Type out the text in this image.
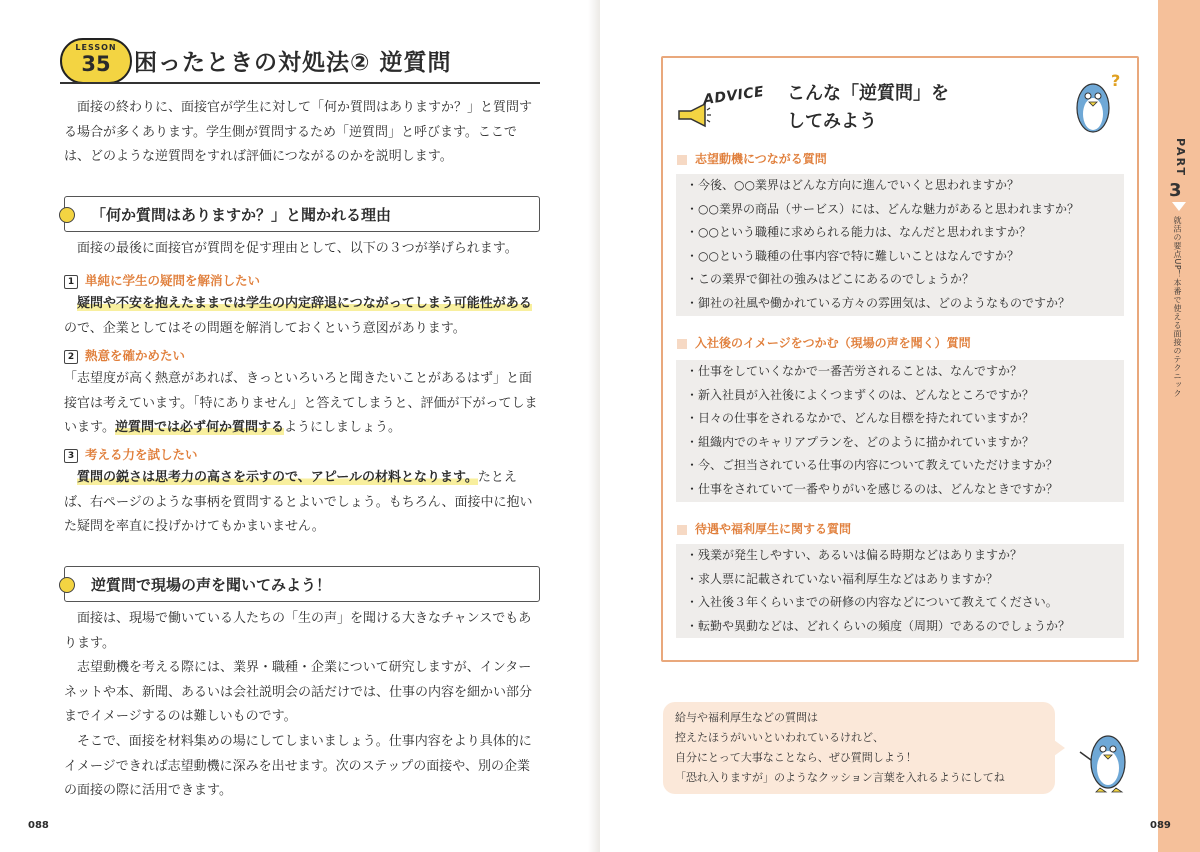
LESSON
35	困ったときの対処法② 逆質問

面接の終わりに、面接官が学生に対して「何か質問はありますか？」と質問する場合が多くあります。学生側が質問するため「逆質問」と呼びます。ここでは、どのような逆質問をすれば評価につながるのかを説明します。

「何か質問はありますか？」と聞かれる理由

面接の最後に面接官が質問を促す理由として、以下の３つが挙げられます。

1 単純に学生の疑問を解消したい
疑問や不安を抱えたままでは学生の内定辞退につながってしまう可能性があるので、企業としてはその問題を解消しておくという意図があります。
2 熱意を確かめたい
「志望度が高く熱意があれば、きっといろいろと聞きたいことがあるはず」と面接官は考えています。「特にありません」と答えてしまうと、評価が下がってしまいます。逆質問では必ず何か質問するようにしましょう。
3 考える力を試したい
質問の鋭さは思考力の高さを示すので、アピールの材料となります。たとえば、右ページのような事柄を質問するとよいでしょう。もちろん、面接中に抱いた疑問を率直に投げかけてもかまいません。
逆質問で現場の声を聞いてみよう！

面接は、現場で働いている人たちの「生の声」を聞ける大きなチャンスでもあります。

志望動機を考える際には、業界・職種・企業について研究しますが、インターネットや本、新聞、あるいは会社説明会の話だけでは、仕事の内容を細かい部分までイメージするのは難しいものです。

そこで、面接を材料集めの場にしてしまいましょう。仕事内容をより具体的にイメージできれば志望動機に深みを出せます。次のステップの面接や、別の企業の面接の際に活用できます。

088
ADVICE こんな「逆質問」を
してみよう
?
志望動機につながる質問
・今後、○○業界はどんな方向に進んでいくと思われますか？
・○○業界の商品（サービス）には、どんな魅力があると思われますか？
・○○という職種に求められる能力は、なんだと思われますか？
・○○という職種の仕事内容で特に難しいことはなんですか？
・この業界で御社の強みはどこにあるのでしょうか？
・御社の社風や働かれている方々の雰囲気は、どのようなものですか？
入社後のイメージをつかむ（現場の声を聞く）質問
・仕事をしていくなかで一番苦労されることは、なんですか？
・新入社員が入社後によくつまずくのは、どんなところですか？
・日々の仕事をされるなかで、どんな目標を持たれていますか？
・組織内でのキャリアプランを、どのように描かれていますか？
・今、ご担当されている仕事の内容について教えていただけますか？
・仕事をされていて一番やりがいを感じるのは、どんなときですか？
待遇や福利厚生に関する質問
・残業が発生しやすい、あるいは偏る時期などはありますか？
・求人票に記載されていない福利厚生などはありますか？
・入社後３年くらいまでの研修の内容などについて教えてください。
・転勤や異動などは、どれくらいの頻度（周期）であるのでしょうか？
給与や福利厚生などの質問は
控えたほうがいいといわれているけれど、
自分にとって大事なことなら、ぜひ質問しよう！
「恐れ入りますが」のようなクッション言葉を入れるようにしてね
PART
3
就活の要点UP！本番で使える面接のテクニック
089
